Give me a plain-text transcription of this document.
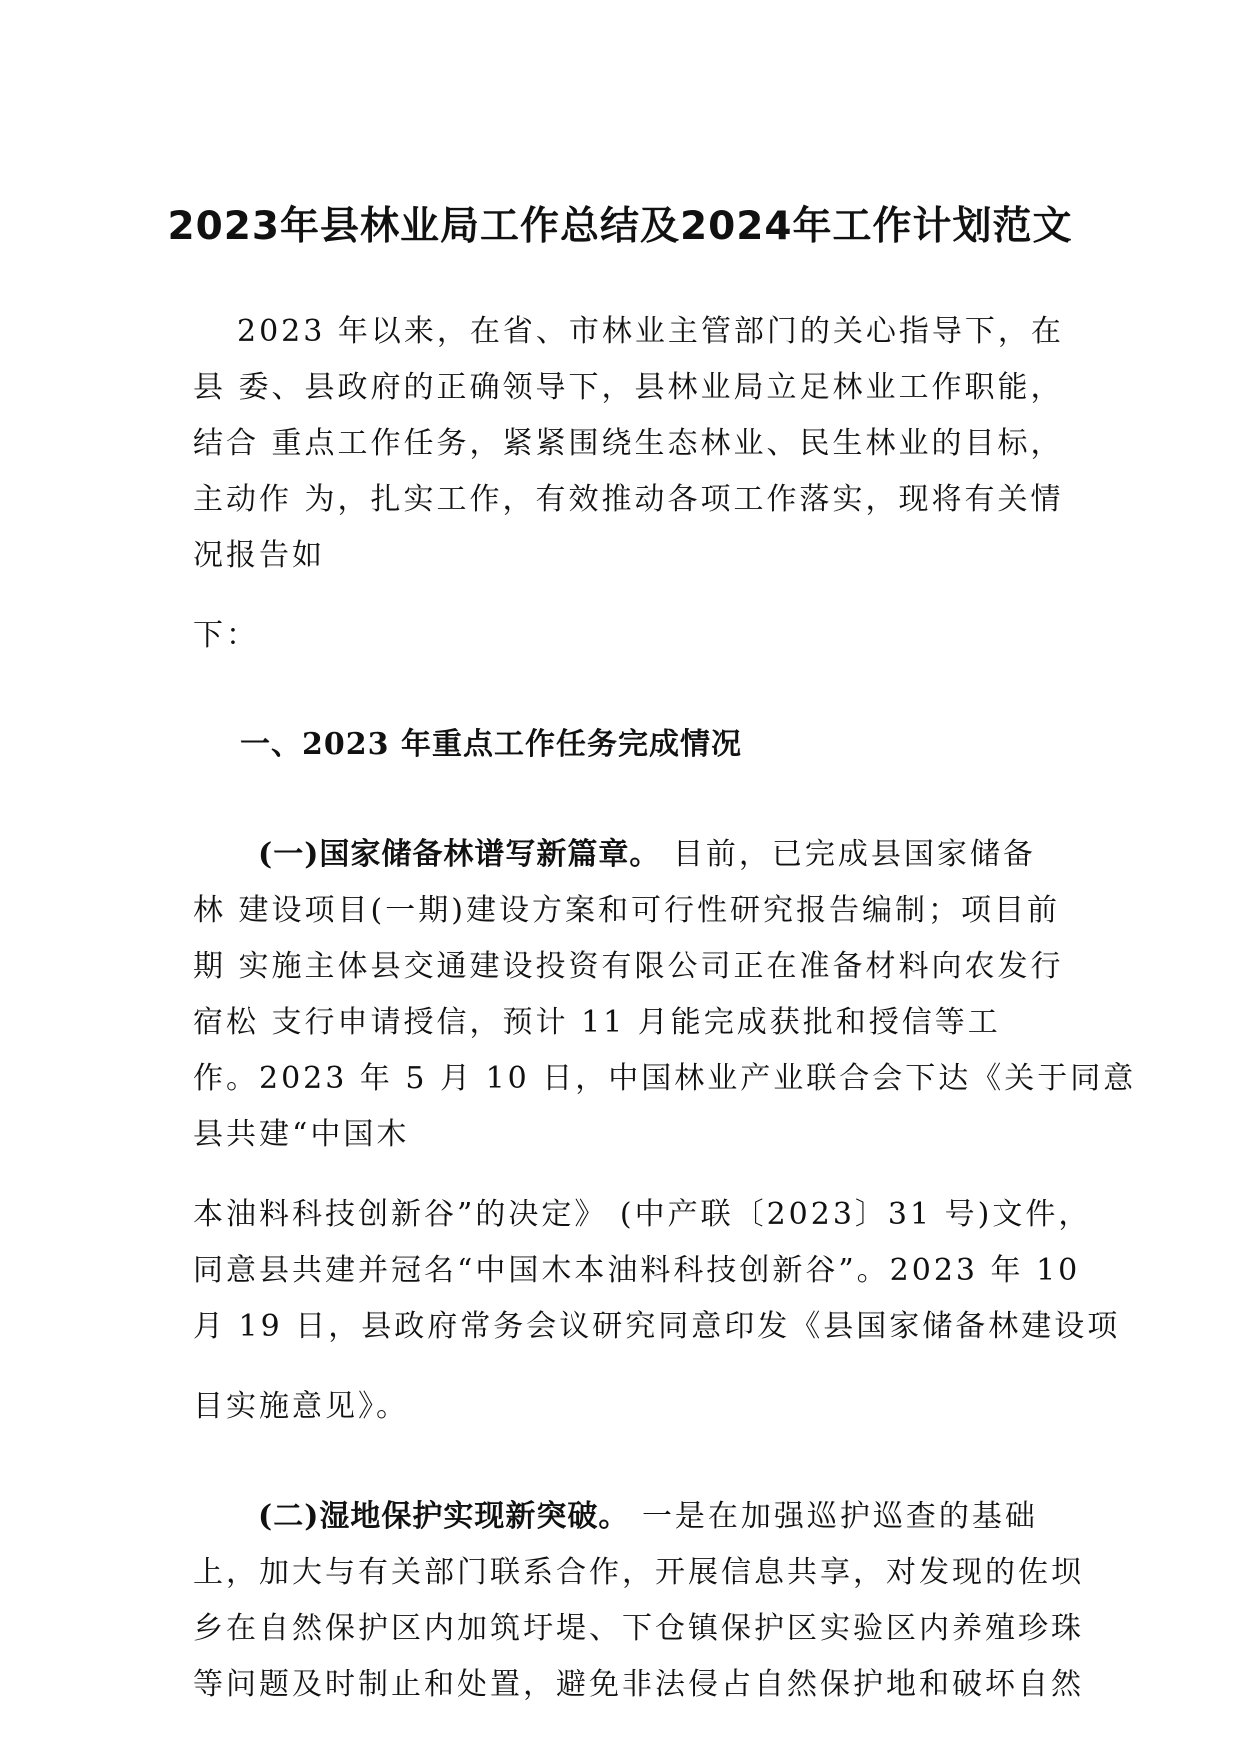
2023年县林业局工作总结及2024年工作计划范文
2023 年以来，在省、市林业主管部门的关心指导下，在
县 委、县政府的正确领导下，县林业局立足林业工作职能，
结合 重点工作任务，紧紧围绕生态林业、民生林业的目标，
主动作 为，扎实工作，有效推动各项工作落实，现将有关情
况报告如
下：
一、2023 年重点工作任务完成情况
(一)国家储备林谱写新篇章。 目前，已完成县国家储备
林 建设项目(一期)建设方案和可行性研究报告编制；项目前
期 实施主体县交通建设投资有限公司正在准备材料向农发行
宿松 支行申请授信，预计 11 月能完成获批和授信等工
作。2023 年 5 月 10 日，中国林业产业联合会下达《关于同意
县共建“中国木
本油料科技创新谷”的决定》 (中产联〔2023〕31 号)文件，
同意县共建并冠名“中国木本油料科技创新谷”。2023 年 10
月 19 日，县政府常务会议研究同意印发《县国家储备林建设项
目实施意见》。
(二)湿地保护实现新突破。 一是在加强巡护巡查的基础
上，加大与有关部门联系合作，开展信息共享，对发现的佐坝
乡在自然保护区内加筑圩堤、下仓镇保护区实验区内养殖珍珠
等问题及时制止和处置，避免非法侵占自然保护地和破坏自然
